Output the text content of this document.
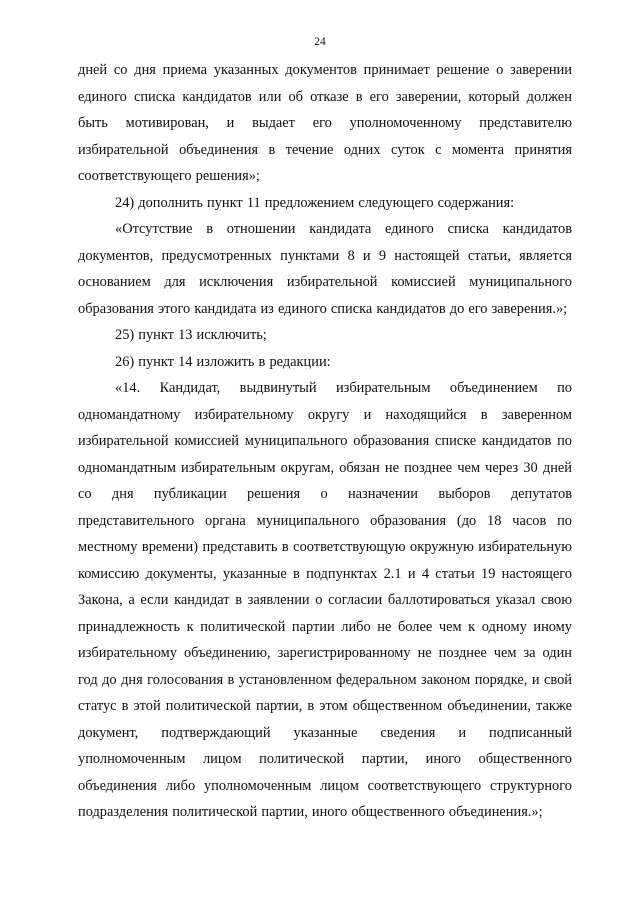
24

дней со дня приема указанных документов принимает решение о заверении единого списка кандидатов или об отказе в его заверении, который должен быть мотивирован, и выдает его уполномоченному представителю избирательной объединения в течение одних суток с момента принятия соответствующего решения»;

24) дополнить пункт 11 предложением следующего содержания:

«Отсутствие в отношении кандидата единого списка кандидатов документов, предусмотренных пунктами 8 и 9 настоящей статьи, является основанием для исключения избирательной комиссией муниципального образования этого кандидата из единого списка кандидатов до его заверения.»;

25) пункт 13 исключить;

26) пункт 14 изложить в редакции:

«14. Кандидат, выдвинутый избирательным объединением по одномандатному избирательному округу и находящийся в заверенном избирательной комиссией муниципального образования списке кандидатов по одномандатным избирательным округам, обязан не позднее чем через 30 дней со дня публикации решения о назначении выборов депутатов представительного органа муниципального образования (до 18 часов по местному времени) представить в соответствующую окружную избирательную комиссию документы, указанные в подпунктах 2.1 и 4 статьи 19 настоящего Закона, а если кандидат в заявлении о согласии баллотироваться указал свою принадлежность к политической партии либо не более чем к одному иному избирательному объединению, зарегистрированному не позднее чем за один год до дня голосования в установленном федеральном законом порядке, и свой статус в этой политической партии, в этом общественном объединении, также документ, подтверждающий указанные сведения и подписанный уполномоченным лицом политической партии, иного общественного объединения либо уполномоченным лицом соответствующего структурного подразделения политической партии, иного общественного объединения.»;
